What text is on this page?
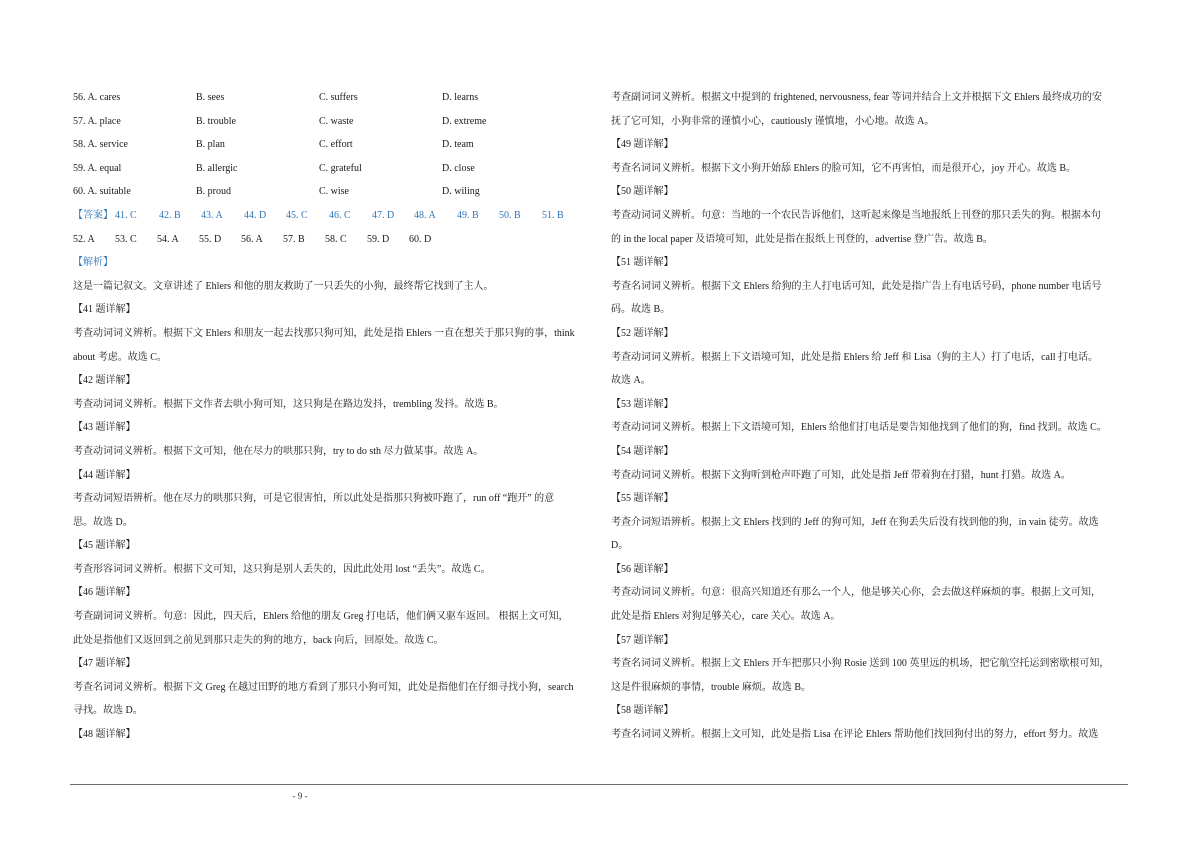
56. A. cares	B. sees	C. suffers	D. learns
57. A. place	B. trouble	C. waste	D. extreme
58. A. service	B. plan	C. effort	D. team
59. A. equal	B. allergic	C. grateful	D. close
60. A. suitable	B. proud	C. wise	D. wiling
【答案】 41. C	42. B	43. A	44. D	45. C	46. C	47. D	48. A	49. B	50. B	51. B
52. A	53. C	54. A	55. D	56. A	57. B	58. C	59. D	60. D
【解析】
这是一篇记叙文。文章讲述了 Ehlers 和他的朋友救助了一只丢失的小狗，最终帮它找到了主人。
【41 题详解】
考查动词词义辨析。根据下文 Ehlers 和朋友一起去找那只狗可知，此处是指 Ehlers 一直在想关于那只狗的事，think
about 考虑。故选 C。
【42 题详解】
考查动词词义辨析。根据下文作者去哄小狗可知，这只狗是在路边发抖，trembling 发抖。故选 B。
【43 题详解】
考查动词词义辨析。根据下文可知，他在尽力的哄那只狗，try to do sth 尽力做某事。故选 A。
【44 题详解】
考查动词短语辨析。他在尽力的哄那只狗，可是它很害怕，所以此处是指那只狗被吓跑了，run off “跑开” 的意
思。故选 D。
【45 题详解】
考查形容词词义辨析。根据下文可知，这只狗是别人丢失的，因此此处用 lost “丢失”。故选 C。
【46 题详解】
考查副词词义辨析。句意：因此，四天后，Ehlers 给他的朋友 Greg 打电话，他们俩又驱车返回。 根据上文可知，
此处是指他们又返回到之前见到那只走失的狗的地方，back 向后，回原处。故选 C。
【47 题详解】
考查名词词义辨析。根据下文 Greg 在越过田野的地方看到了那只小狗可知，此处是指他们在仔细寻找小狗，search
寻找。故选 D。
【48 题详解】
考查副词词义辨析。根据文中提到的 frightened, nervousness, fear 等词并结合上文并根据下文 Ehlers 最终成功的安
抚了它可知，小狗非常的谨慎小心，cautiously 谨慎地，小心地。故选 A。
【49 题详解】
考查名词词义辨析。根据下文小狗开始舔 Ehlers 的脸可知，它不再害怕，而是很开心，joy 开心。故选 B。
【50 题详解】
考查动词词义辨析。句意：当地的一个农民告诉他们，这听起来像是当地报纸上刊登的那只丢失的狗。根据本句
的 in the local paper 及语境可知，此处是指在报纸上刊登的，advertise 登广告。故选 B。
【51 题详解】
考查名词词义辨析。根据下文 Ehlers 给狗的主人打电话可知，此处是指广告上有电话号码，phone number 电话号
码。故选 B。
【52 题详解】
考查动词词义辨析。根据上下文语境可知，此处是指 Ehlers 给 Jeff 和 Lisa（狗的主人）打了电话，call 打电话。
故选 A。
【53 题详解】
考查动词词义辨析。根据上下文语境可知，Ehlers 给他们打电话是要告知他找到了他们的狗，find 找到。故选 C。
【54 题详解】
考查动词词义辨析。根据下文狗听到枪声吓跑了可知，此处是指 Jeff 带着狗在打猎，hunt 打猎。故选 A。
【55 题详解】
考查介词短语辨析。根据上文 Ehlers 找到的 Jeff 的狗可知，Jeff 在狗丢失后没有找到他的狗，in vain 徒劳。故选
D。
【56 题详解】
考查动词词义辨析。句意：很高兴知道还有那么一个人，他是够关心你，会去做这样麻烦的事。根据上文可知，
此处是指 Ehlers 对狗足够关心，care 关心。故选 A。
【57 题详解】
考查名词词义辨析。根据上文 Ehlers 开车把那只小狗 Rosie 送到 100 英里远的机场，把它航空托运到密歇根可知，
这是件很麻烦的事情，trouble 麻烦。故选 B。
【58 题详解】
考查名词词义辨析。根据上文可知，此处是指 Lisa 在评论 Ehlers 帮助他们找回狗付出的努力，effort 努力。故选
- 9 -
